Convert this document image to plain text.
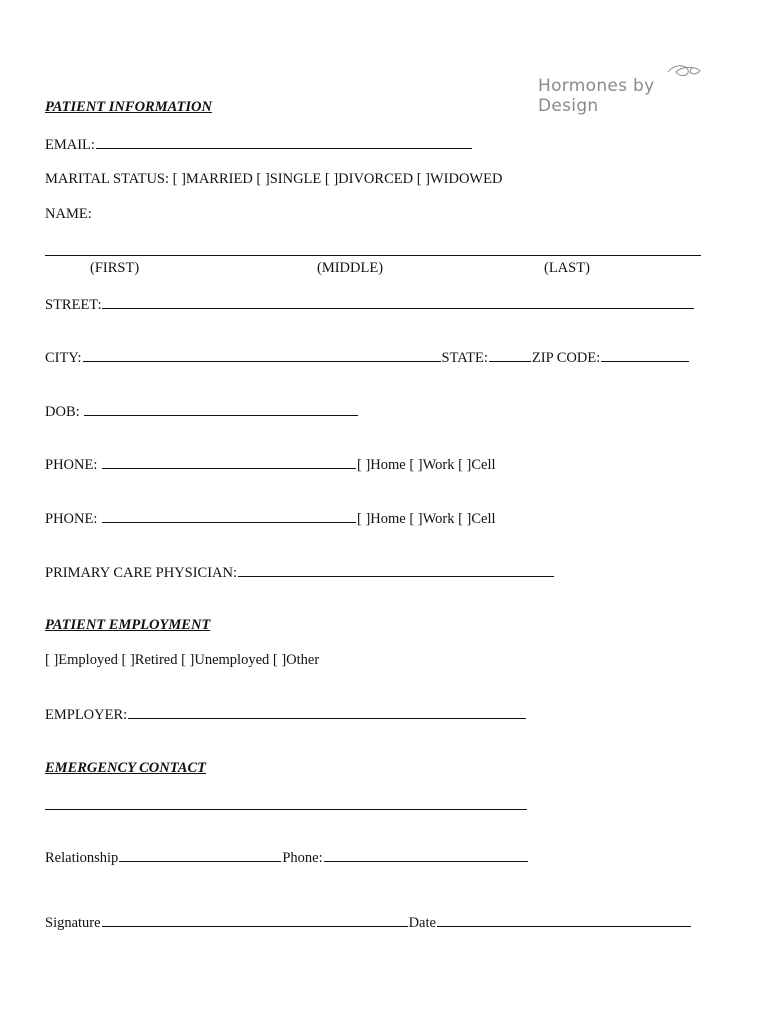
Hormones by Design
PATIENT INFORMATION
EMAIL:
MARITAL STATUS: [ ]MARRIED [ ]SINGLE [ ]DIVORCED [ ]WIDOWED
NAME:
(FIRST)	(MIDDLE)	(LAST)
STREET:
CITY:	STATE:	ZIP CODE:
DOB:
PHONE:	[ ]Home [ ]Work [ ]Cell
PHONE:	[ ]Home [ ]Work [ ]Cell
PRIMARY CARE PHYSICIAN:
PATIENT EMPLOYMENT
[ ]Employed [ ]Retired [ ]Unemployed [ ]Other
EMPLOYER:
EMERGENCY CONTACT
Relationship	Phone:
Signature	Date
